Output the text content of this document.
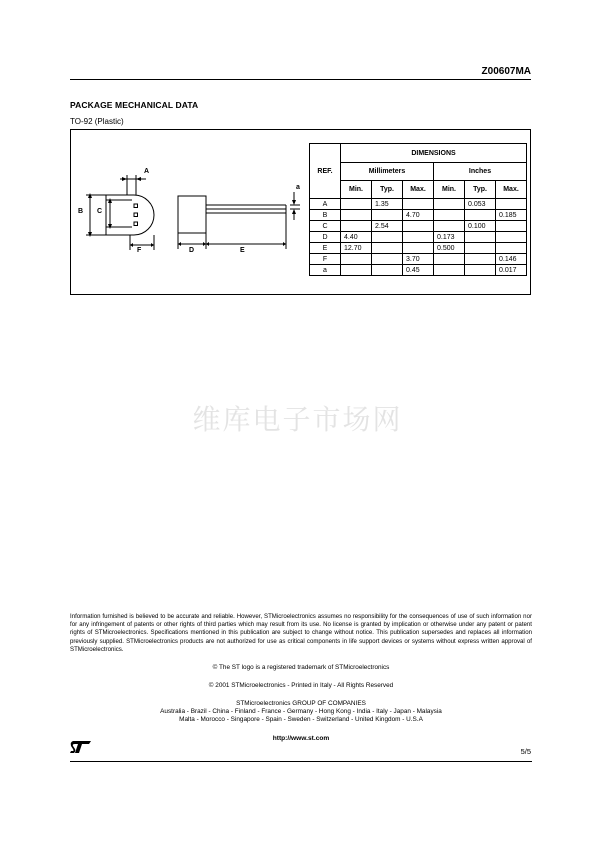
Z00607MA
PACKAGE MECHANICAL DATA
TO-92 (Plastic)
A
B C
a
F	D	E
REF.	DIMENSIONS					
	Millimeters			Inches		
	Min.	Typ.	Max.	Min.	Typ.	Max.
A		1.35			0.053	
B			4.70			0.185
C		2.54			0.100	
D	4.40			0.173		
E	12.70			0.500		
F			3.70			0.146
a			0.45			0.017
维库电子市场网
Information furnished is believed to be accurate and reliable. However, STMicroelectronics assumes no responsibility for the consequences of use of such information nor for any infringement of patents or other rights of third parties which may result from its use. No license is granted by implication or otherwise under any patent or patent rights of STMicroelectronics. Specifications mentioned in this publication are subject to change without notice. This publication supersedes and replaces all information previously supplied. STMicroelectronics products are not authorized for use as critical components in life support devices or systems without express written approval of STMicroelectronics.
© The ST logo is a registered trademark of STMicroelectronics
© 2001 STMicroelectronics - Printed in Italy - All Rights Reserved
STMicroelectronics GROUP OF COMPANIES
Australia - Brazil - China - Finland - France - Germany - Hong Kong - India - Italy - Japan - Malaysia
Malta - Morocco - Singapore - Spain - Sweden - Switzerland - United Kingdom - U.S.A
http://www.st.com
5/5
